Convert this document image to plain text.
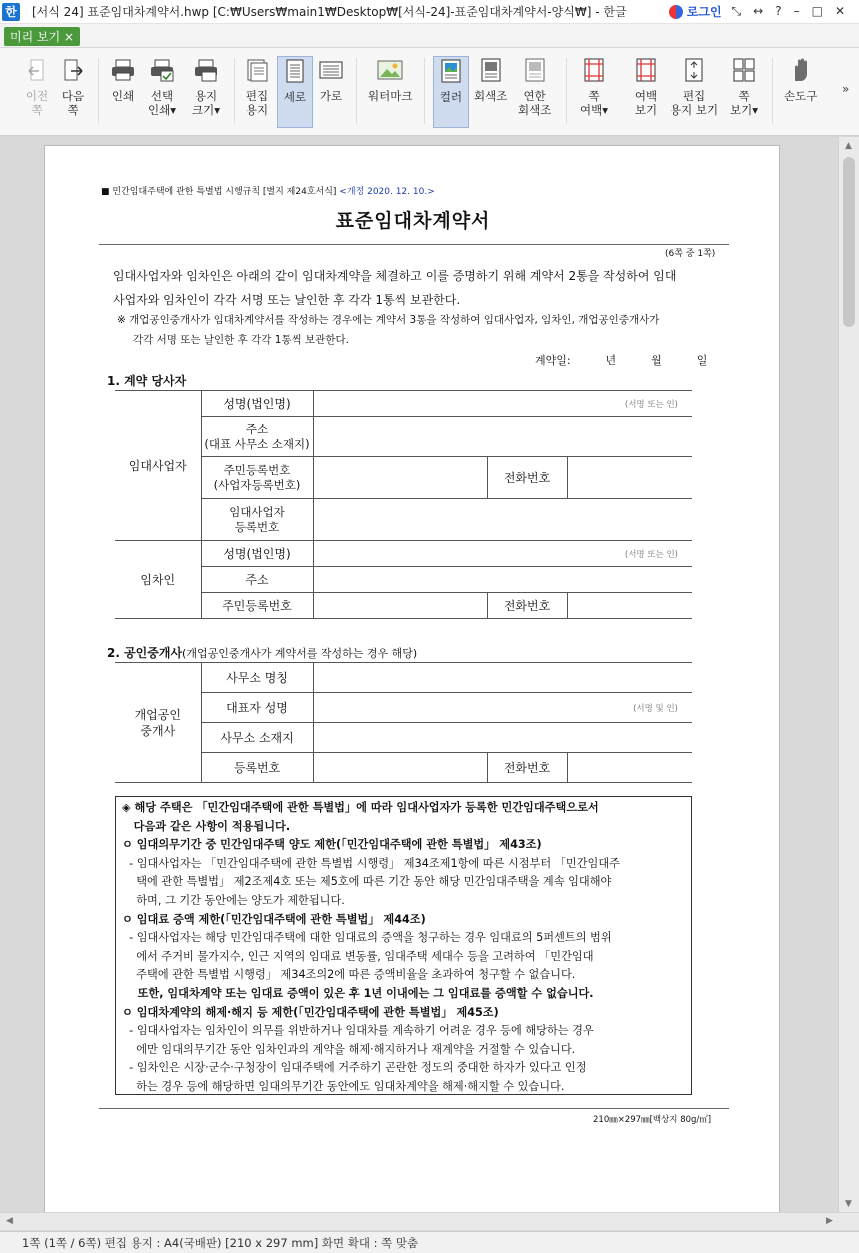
한 [서식 24] 표준임대차계약서.hwp [C:₩Users₩main1₩Desktop₩[서식-24]-표준임대차계약서-양식₩] - 한글	로그인 ⤡ ↔ ? – □ ✕
미리 보기 ×
이전
쪽
다음
쪽
인쇄 선택
인쇄▾
용지
크기▾
편집
용지
세로 가로 워터마크 컬러 회색조 연한
회색조
쪽
여백▾
여백
보기
편집
용지 보기
쪽
보기▾
손도구 »
■ 민간임대주택에 관한 특별법 시행규칙 [별지 제24호서식] <개정 2020. 12. 10.>
표준임대차계약서
(6쪽 중 1쪽)
임대사업자와 임차인은 아래의 같이 임대차계약을 체결하고 이를 증명하기 위해 계약서 2통을 작성하여 임대
사업자와 임차인이 각각 서명 또는 날인한 후 각각 1통씩 보관한다.
※ 개업공인중개사가 임대차계약서를 작성하는 경우에는 계약서 3통을 작성하여 임대사업자, 임차인, 개업공인중개사가
각각 서명 또는 날인한 후 각각 1통씩 보관한다.
계약일:          년          월          일
1. 계약 당사자
임대사업자	성명(법인명)	(서명 또는 인)		

	주소
(대표 사무소 소재지)			

	주민등록번호
(사업자등록번호)		전화번호	

	임대사업자
등록번호			

임차인	성명(법인명)	(서명 또는 인)		
	주소			
	주민등록번호		전화번호	
2. 공인중개사(개업공인중개사가 계약서를 작성하는 경우 해당)
개업공인
중개사	사무소 명칭			
	대표자 성명	(서명 및 인)		
	사무소 소재지			
	등록번호		전화번호	

◈ 해당 주택은 「민간임대주택에 관한 특별법」에 따라 임대사업자가 등록한 민간임대주택으로서

다음과 같은 사항이 적용됩니다.

ㅇ 임대의무기간 중 민간임대주택 양도 제한(「민간임대주택에 관한 특별법」 제43조)

- 임대사업자는 「민간임대주택에 관한 특별법 시행령」 제34조제1항에 따른 시점부터 「민간임대주

택에 관한 특별법」 제2조제4호 또는 제5호에 따른 기간 동안 해당 민간임대주택을 계속 임대해야

하며, 그 기간 동안에는 양도가 제한됩니다.

ㅇ 임대료 증액 제한(「민간임대주택에 관한 특별법」 제44조)

- 임대사업자는 해당 민간임대주택에 대한 임대료의 증액을 청구하는 경우 임대료의 5퍼센트의 범위

에서 주거비 물가지수, 인근 지역의 임대료 변동률, 임대주택 세대수 등을 고려하여 「민간임대

주택에 관한 특별법 시행령」 제34조의2에 따른 증액비율을 초과하여 청구할 수 없습니다.

또한, 임대차계약 또는 임대료 증액이 있은 후 1년 이내에는 그 임대료를 증액할 수 없습니다.

ㅇ 임대차계약의 해제·해지 등 제한(「민간임대주택에 관한 특별법」 제45조)

- 임대사업자는 임차인이 의무를 위반하거나 임대차를 계속하기 어려운 경우 등에 해당하는 경우

에만 임대의무기간 동안 임차인과의 계약을 해제·해지하거나 재계약을 거절할 수 있습니다.

- 임차인은 시장·군수·구청장이 임대주택에 거주하기 곤란한 정도의 중대한 하자가 있다고 인정

하는 경우 등에 해당하면 임대의무기간 동안에도 임대차계약을 해제·해지할 수 있습니다.

210㎜×297㎜[백상지 80g/㎡]
▲
▼
◀	▶
1쪽 (1쪽 / 6쪽) 편집 용지 : A4(국배판) [210 x 297 mm] 화면 확대 : 쪽 맞춤
